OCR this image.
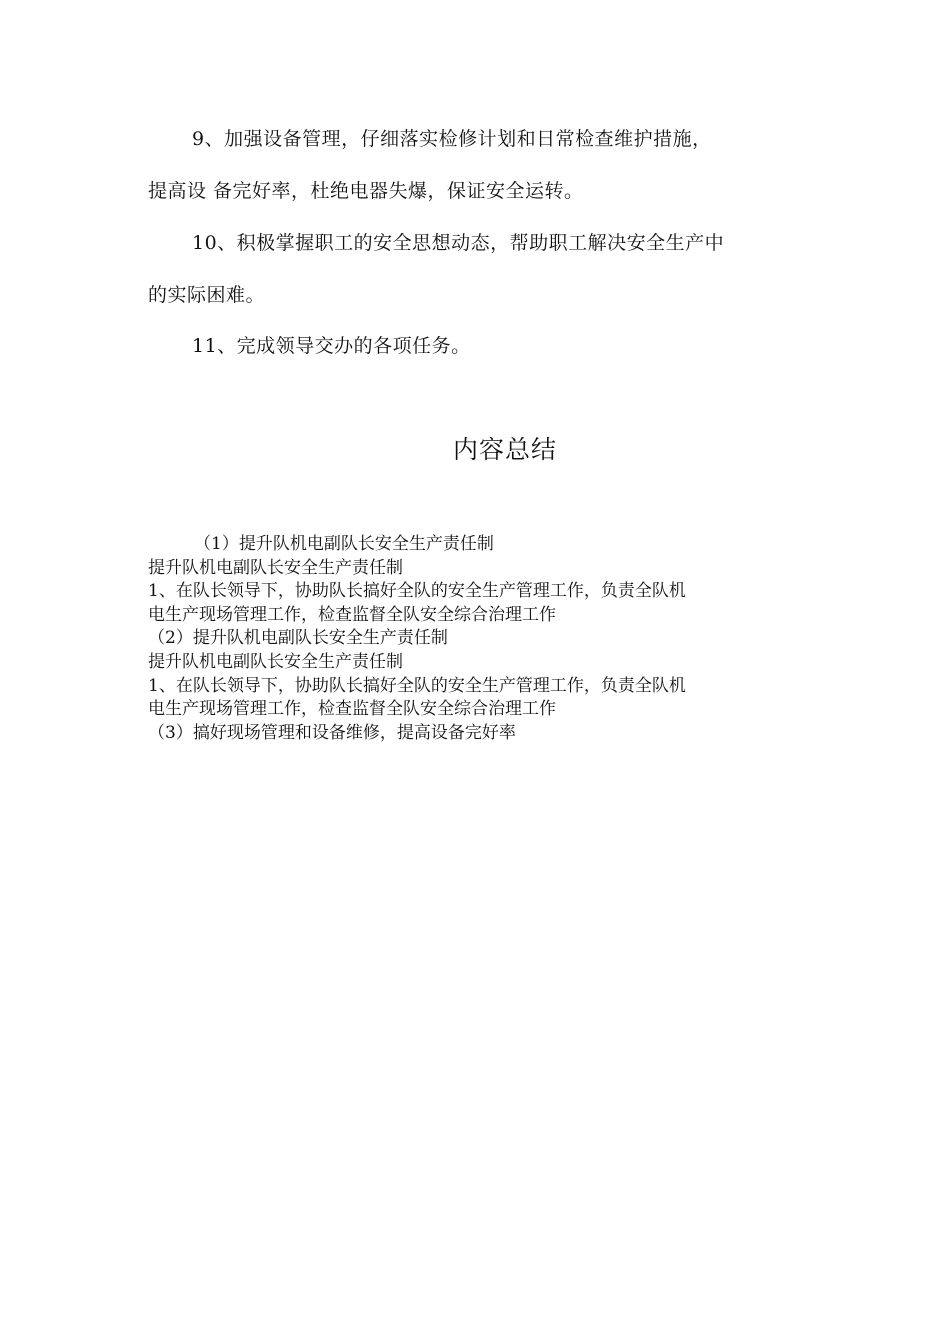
9、加强设备管理，仔细落实检修计划和日常检查维护措施，
提高设 备完好率，杜绝电器失爆，保证安全运转。
10、积极掌握职工的安全思想动态，帮助职工解决安全生产中
的实际困难。
11、完成领导交办的各项任务。
内容总结
（1）提升队机电副队长安全生产责任制
提升队机电副队长安全生产责任制
1、在队长领导下，协助队长搞好全队的安全生产管理工作，负责全队机
电生产现场管理工作，检查监督全队安全综合治理工作
（2）提升队机电副队长安全生产责任制
提升队机电副队长安全生产责任制
1、在队长领导下，协助队长搞好全队的安全生产管理工作，负责全队机
电生产现场管理工作，检查监督全队安全综合治理工作
（3）搞好现场管理和设备维修，提高设备完好率
